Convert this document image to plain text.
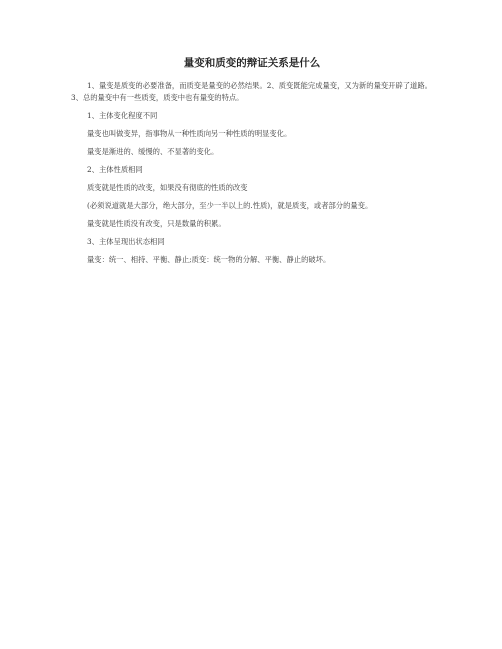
量变和质变的辩证关系是什么

1、量变是质变的必要准备，而质变是量变的必然结果。2、质变既能完成量变，又为新的量变开辟了道路。3、总的量变中有一些质变，质变中也有量变的特点。

1、主体变化程度不同

量变也叫做变异，指事物从一种性质向另一种性质的明显变化。

量变是渐进的、缓慢的、不显著的变化。

2、主体性质相同

质变就是性质的改变，如果没有彻底的性质的改变

(必须说道就是大部分，绝大部分，至少一半以上的.性质)，就是质变，或者部分的量变。

量变就是性质没有改变，只是数量的积累。

3、主体呈现出状态相同

量变：统一、相持、平衡、静止;质变：统一物的分解、平衡、静止的破坏。
